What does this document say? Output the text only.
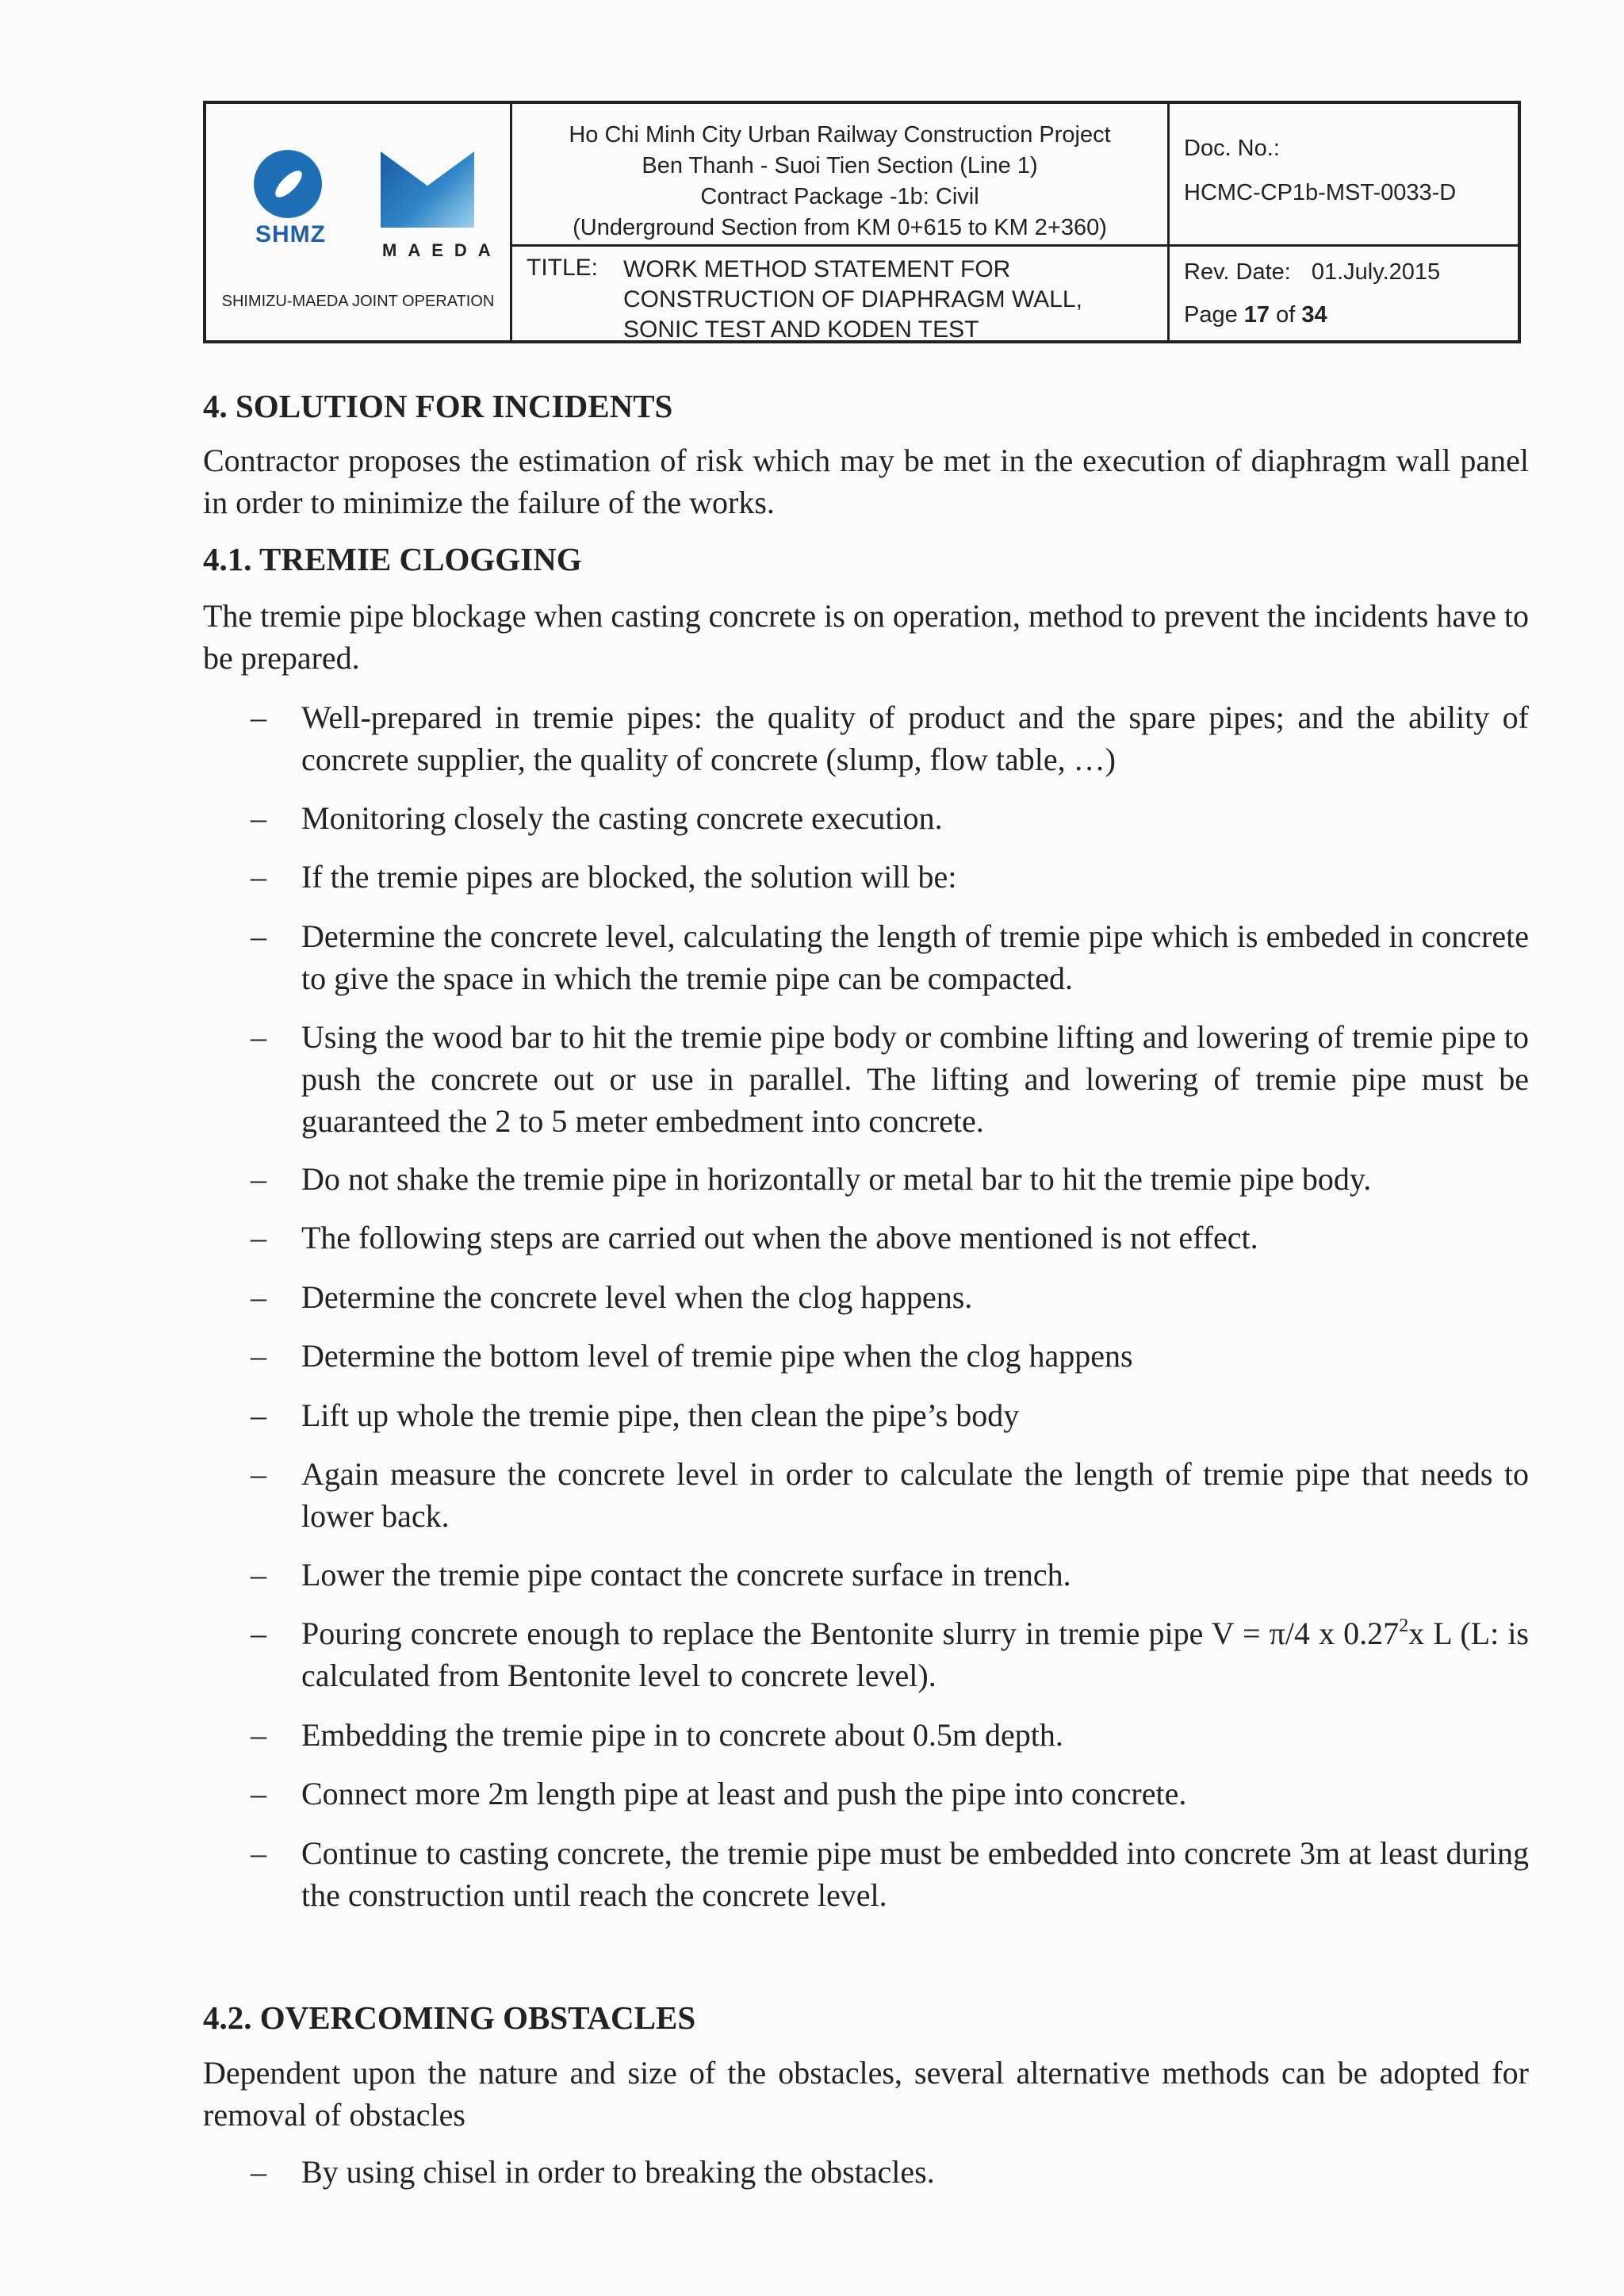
SHMZ
MAEDA
SHIMIZU-MAEDA JOINT OPERATION
Ho Chi Minh City Urban Railway Construction Project
Ben Thanh - Suoi Tien Section (Line 1)
Contract Package -1b: Civil
(Underground Section from KM 0+615 to KM 2+360)
Doc. No.:
HCMC-CP1b-MST-0033-D
TITLE: WORK METHOD STATEMENT FOR
CONSTRUCTION OF DIAPHRAGM WALL,
SONIC TEST AND KODEN TEST
Rev. Date: 01.July.2015
Page 17 of 34
4. SOLUTION FOR INCIDENTS
Contractor proposes the estimation of risk which may be met in the execution of diaphragm wall panel in order to minimize the failure of the works.
4.1. TREMIE CLOGGING
The tremie pipe blockage when casting concrete is on operation, method to prevent the incidents have to be prepared.
– Well-prepared in tremie pipes: the quality of product and the spare pipes; and the ability of concrete supplier, the quality of concrete (slump, flow table, …)
– Monitoring closely the casting concrete execution.
– If the tremie pipes are blocked, the solution will be:
– Determine the concrete level, calculating the length of tremie pipe which is embeded in concrete to give the space in which the tremie pipe can be compacted.
– Using the wood bar to hit the tremie pipe body or combine lifting and lowering of tremie pipe to push the concrete out or use in parallel. The lifting and lowering of tremie pipe must be guaranteed the 2 to 5 meter embedment into concrete.
– Do not shake the tremie pipe in horizontally or metal bar to hit the tremie pipe body.
– The following steps are carried out when the above mentioned is not effect.
– Determine the concrete level when the clog happens.
– Determine the bottom level of tremie pipe when the clog happens
– Lift up whole the tremie pipe, then clean the pipe’s body
– Again measure the concrete level in order to calculate the length of tremie pipe that needs to lower back.
– Lower the tremie pipe contact the concrete surface in trench.
– Pouring concrete enough to replace the Bentonite slurry in tremie pipe V = π/4 x 0.27$^2$x L (L: is calculated from Bentonite level to concrete level).
– Embedding the tremie pipe in to concrete about 0.5m depth.
– Connect more 2m length pipe at least and push the pipe into concrete.
– Continue to casting concrete, the tremie pipe must be embedded into concrete 3m at least during the construction until reach the concrete level.
4.2. OVERCOMING OBSTACLES
Dependent upon the nature and size of the obstacles, several alternative methods can be adopted for removal of obstacles
– By using chisel in order to breaking the obstacles.
